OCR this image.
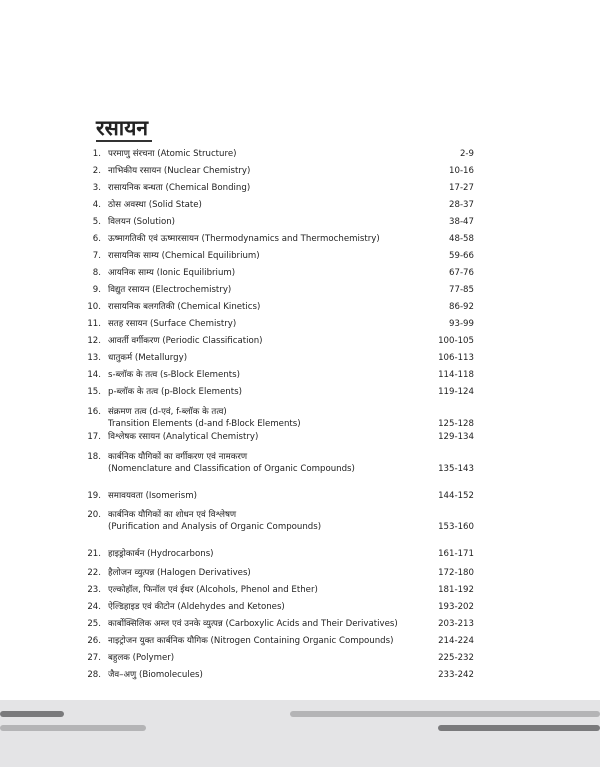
रसायन
1. परमाणु संरचना (Atomic Structure)	2-9
2. नाभिकीय रसायन (Nuclear Chemistry)	10-16
3. रासायनिक बन्धता (Chemical Bonding)	17-27
4. ठोस अवस्था (Solid State)	28-37
5. विलयन (Solution)	38-47
6. ऊष्मागतिकी एवं ऊष्मारसायन (Thermodynamics and Thermochemistry)	48-58
7. रासायनिक साम्य (Chemical Equilibrium)	59-66
8. आयनिक साम्य (Ionic Equilibrium)	67-76
9. विद्युत रसायन (Electrochemistry)	77-85
10. रासायनिक बलगतिकी (Chemical Kinetics)	86-92
11. सतह रसायन (Surface Chemistry)	93-99
12. आवर्ती वर्गीकरण (Periodic Classification)	100-105
13. धातुकर्म (Metallurgy)	106-113
14. s-ब्लॉक के तत्व (s-Block Elements)	114-118
15. p-ब्लॉक के तत्व (p-Block Elements)	119-124
16. संक्रमण तत्व (d-एवं, f-ब्लॉक के तत्व)
Transition Elements (d-and f-Block Elements)	125-128
17. विश्लेषक रसायन (Analytical Chemistry)	129-134
18. कार्बनिक यौगिकों का वर्गीकरण एवं नामकरण
(Nomenclature and Classification of Organic Compounds)	135-143
19. समावयवता (Isomerism)	144-152
20. कार्बनिक यौगिकों का शोधन एवं विश्लेषण
(Purification and Analysis of Organic Compounds)	153-160
21. हाइड्रोकार्बन (Hydrocarbons)	161-171
22. हैलोजन व्युत्पन्न (Halogen Derivatives)	172-180
23. एल्कोहॉल, फिनॉल एवं ईथर (Alcohols, Phenol and Ether)	181-192
24. ऐल्डिहाइड एवं कीटोन (Aldehydes and Ketones)	193-202
25. कार्बोक्सिलिक अम्ल एवं उनके व्युत्पन्न (Carboxylic Acids and Their Derivatives)	203-213
26. नाइट्रोजन युक्त कार्बनिक यौगिक (Nitrogen Containing Organic Compounds)	214-224
27. बहुलक (Polymer)	225-232
28. जैव–अणु (Biomolecules)	233-242
